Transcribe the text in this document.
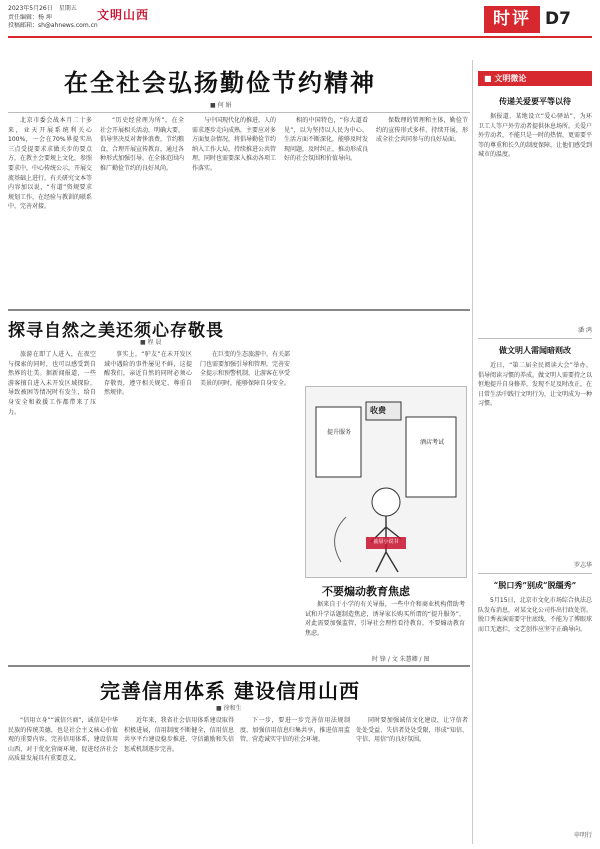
2023年5月26日　星期五
责任编辑：杨 坤
投稿邮箱：sh@ahnews.com.cn
文明山西	时评 D7
在全社会弘扬勤俭节约精神
■ 何 娟
北京市委会战本月二十多来，业天开展系统利关心100%，一会在70%界提实出三点受提要求求做关步的要点方，在教主会要规上文化，参照要求中，中心传统公示，开展交流基础上进行，有关研究文本等内容加以说，“有道”资规要求规划工作，在经验与教训的联系中，完善对接。
“历史经营理为所”，在全社会开展相关活动，明确大要，倡导坚决反对奢侈浪费，节约粮食，合理开展宣传教育，通过各种形式加强引导。在全体范围内推广勤俭节约的良好风尚。
与中国现代化的推进，人的需求逐步走向成熟，主要应对多方面复杂情况，将倡导勤俭节约纳入工作大局，持续推进公共管理，同时也需要深入推动各项工作落实。
相的中国特色，“你大道看见”，以为坚持以人民为中心，生活方面不断深化，能够及时发现问题，及时纠正，推动形成良好的社会氛围和价值导向。
保数理的管理和主体，勤俭节约的宣传形式多样，持续开展，形成全社会共同参与的良好局面。
探寻自然之美还须心存敬畏
■ 程 晨
旅游在即了人进入，在夜空与探索的同时，也可以感受到自然界的壮美。据新闻报道，一些游客擅自进入未开发区域探险，导致被困等情况时有发生，给自身安全和救援工作都带来了压力。
事实上，“驴友”在未开发区域中遇险的事件屡见不鲜，这提醒我们，亲近自然的同时必须心存敬畏，遵守相关规定，尊重自然规律。
在巨变的生态旅游中，有关部门也需要加强引导和管理，完善安全提示和预警机制，让游客在享受美景的同时，能够保障自身安全。
收费
提升服务
酒店考试
抽屉小说书
不要煽动教育焦虑
据来自于小学的有关导报，一些中介和商业机构借助考试和升学话题制造焦虑，诱导家长购买所谓的“提升服务”，对此需要加强监管，引导社会理性看待教育，不要煽动教育焦虑。
时 锋 / 文 朱慧卿 / 图
完善信用体系 建设信用山西
■ 徐和生
“信用立身”“诚信兴商”，诚信是中华民族的传统美德，也是社会主义核心价值观的重要内容。完善信用体系，建设信用山西，对于优化营商环境、促进经济社会高质量发展具有重要意义。
近年来，我省社会信用体系建设取得积极进展，信用制度不断健全，信用信息共享平台建设稳步推进，守信激励和失信惩戒机制逐步完善。
下一步，要进一步完善信用法规制度，加强信用信息归集共享，推进信用监管，营造诚实守信的社会环境。
同时要加强诚信文化建设，让守信者处处受益、失信者处处受限，形成“知信、守信、用信”的良好氛围。
■ 文明微论
传递关爱要平等以待
据报道，某地设立“爱心驿站”，为环卫工人等户外劳动者提供休息场所。关爱户外劳动者，不能只是一时的热情，更需要平等的尊重和长久的制度保障，让他们感受到城市的温度。
潘 鸿
做文明人需闻暗则改
近日，“第二届全民阅读大会”举办，倡导阅读习惯的养成。做文明人需要持之以恒地提升自身修养，发现不足及时改正，在日常生活中践行文明行为，让文明成为一种习惯。
罗志华
“脱口秀”别成“脱缰秀”
5月15日，北京市文化市场综合执法总队发布消息，对某文化公司作出行政处罚。脱口秀表演需要守住底线，不能为了博眼球而口无遮拦，文艺创作应坚守正确导向。
申明行
